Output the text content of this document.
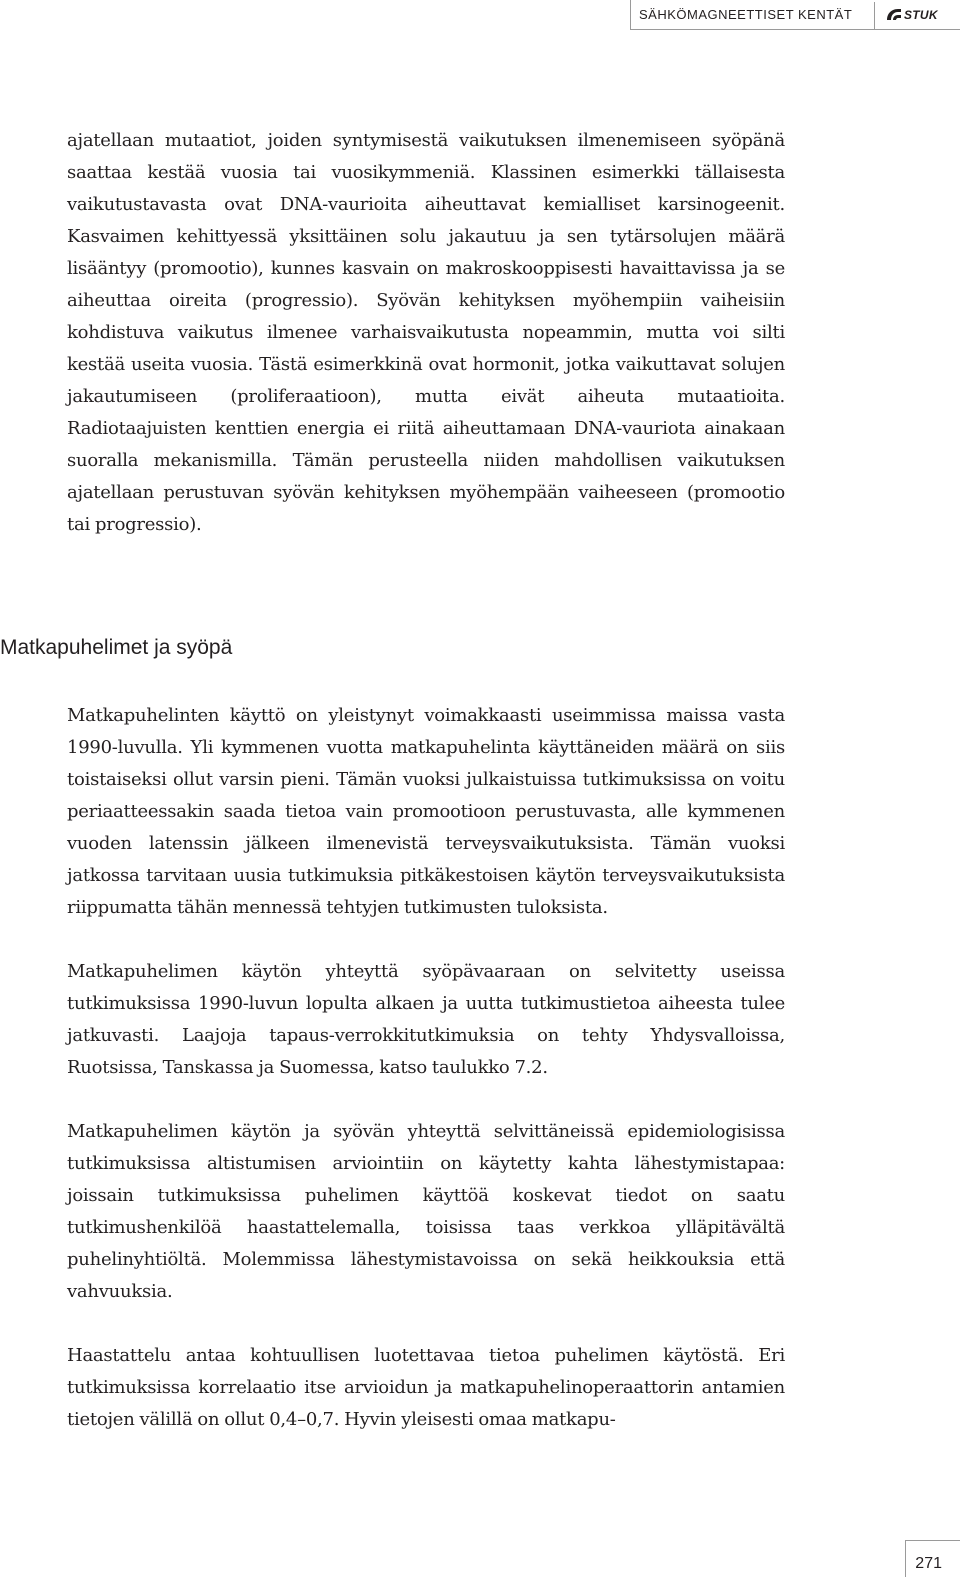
SÄHKÖMAGNEETTISET KENTÄT	STUK

ajatellaan mutaatiot, joiden syntymisestä vaikutuksen ilmenemiseen syöpänä saattaa kestää vuosia tai vuosikymmeniä. Klassinen esimerkki tällaisesta vaikutustavasta ovat DNA-vaurioita aiheuttavat kemialliset karsinogeenit. Kasvaimen kehittyessä yksittäinen solu jakautuu ja sen tytärsolujen määrä lisääntyy (promootio), kunnes kasvain on makroskooppisesti havaittavissa ja se aiheuttaa oireita (progressio). Syövän kehityksen myöhempiin vaiheisiin kohdistuva vaikutus ilmenee varhaisvaikutusta nopeammin, mutta voi silti kestää useita vuosia. Tästä esimerkkinä ovat hormonit, jotka vaikuttavat solujen jakautumiseen (proliferaatioon), mutta eivät aiheuta mutaatioita. Radiotaajuisten kenttien energia ei riitä aiheuttamaan DNA-vauriota ainakaan suoralla mekanismilla. Tämän perusteella niiden mahdollisen vaikutuksen ajatellaan perustuvan syövän kehityksen myöhempään vaiheeseen (promootio tai progressio).

Matkapuhelimet ja syöpä

Matkapuhelinten käyttö on yleistynyt voimakkaasti useimmissa maissa vasta 1990-luvulla. Yli kymmenen vuotta matkapuhelinta käyttäneiden määrä on siis toistaiseksi ollut varsin pieni. Tämän vuoksi julkaistuissa tutkimuksissa on voitu periaatteessakin saada tietoa vain promootioon perustuvasta, alle kymmenen vuoden latenssin jälkeen ilmenevistä terveysvaikutuksista. Tämän vuoksi jatkossa tarvitaan uusia tutkimuksia pitkäkestoisen käytön terveysvaikutuksista riippumatta tähän mennessä tehtyjen tutkimusten tuloksista.

Matkapuhelimen käytön yhteyttä syöpävaaraan on selvitetty useissa tutkimuksissa 1990-luvun lopulta alkaen ja uutta tutkimustietoa aiheesta tulee jatkuvasti. Laajoja tapaus-verrokkitutkimuksia on tehty Yhdysvalloissa, Ruotsissa, Tanskassa ja Suomessa, katso taulukko 7.2.

Matkapuhelimen käytön ja syövän yhteyttä selvittäneissä epidemiologisissa tutkimuksissa altistumisen arviointiin on käytetty kahta lähestymistapaa: joissain tutkimuksissa puhelimen käyttöä koskevat tiedot on saatu tutkimushenkilöä haastattelemalla, toisissa taas verkkoa ylläpitävältä puhelinyhtiöltä. Molemmissa lähestymistavoissa on sekä heikkouksia että vahvuuksia.

Haastattelu antaa kohtuullisen luotettavaa tietoa puhelimen käytöstä. Eri tutkimuksissa korrelaatio itse arvioidun ja matkapuhelinoperaattorin antamien tietojen välillä on ollut 0,4–0,7. Hyvin yleisesti omaa matkapu-

271
